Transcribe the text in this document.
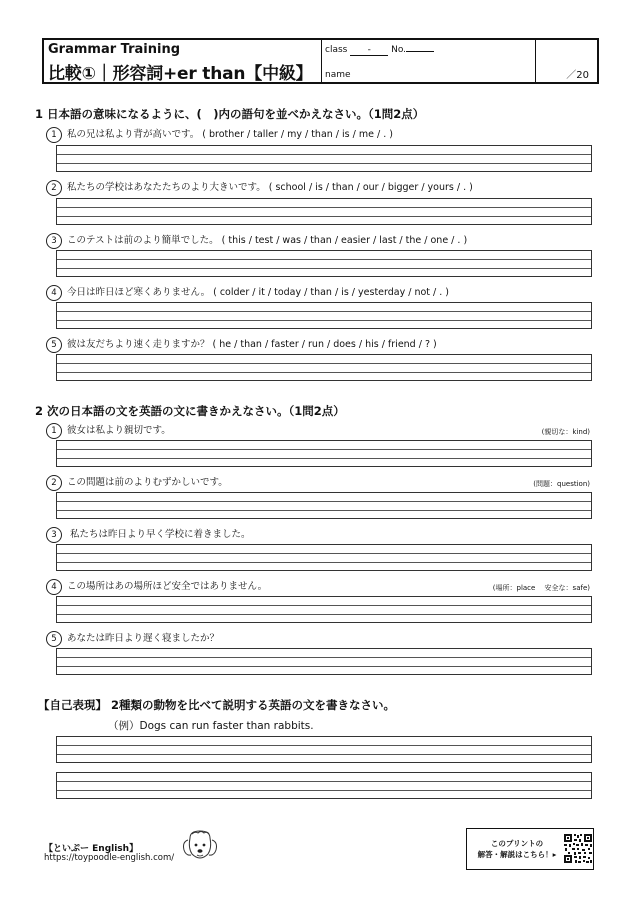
Grammar Training
比較①｜形容詞+er than【中級】
class - No.
name	／20
1 日本語の意味になるように、(　)内の語句を並べかえなさい。（1問2点）
1 私の兄は私より背が高いです。 ( brother / taller / my / than / is / me / . )
2 私たちの学校はあなたたちのより大きいです。 ( school / is / than / our / bigger / yours / . )
3 このテストは前のより簡単でした。 ( this / test / was / than / easier / last / the / one / . )
4 今日は昨日ほど寒くありません。 ( colder / it / today / than / is / yesterday / not / . )
5 彼は友だちより速く走りますか？ ( he / than / faster / run / does / his / friend / ? )
2 次の日本語の文を英語の文に書きかえなさい。（1問2点）
1 彼女は私より親切です。	(親切な：kind)
2 この問題は前のよりむずかしいです。	(問題：question)
3 私たちは昨日より早く学校に着きました。
4 この場所はあの場所ほど安全ではありません。	(場所：place　 安全な：safe)
5 あなたは昨日より遅く寝ましたか？
【自己表現】 2種類の動物を比べて説明する英語の文を書きなさい。
（例）Dogs can run faster than rabbits.
【といぷー English】
https://toypoodle-english.com/
このプリントの
解答・解説はこちら！▸
